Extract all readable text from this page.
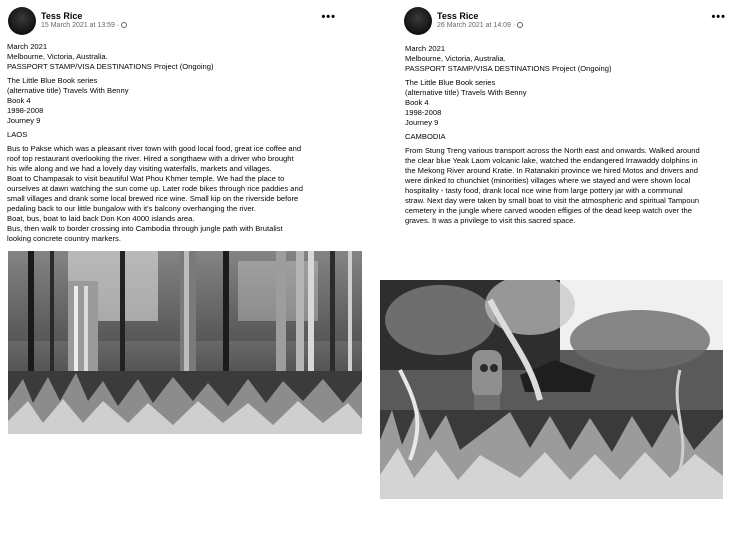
Tess Rice
15 March 2021 at 13:59 ·
•••

March 2021

Melbourne, Victoria, Australia.

PASSPORT STAMP/VISA DESTINATIONS Project (Ongoing)

The Little Blue Book series

(alternative title) Travels With Benny

Book 4

1998-2008

Journey 9

LAOS

Bus to Pakse which was a pleasant river town with good local food, great ice coffee and

roof top restaurant overlooking the river. Hired a songthaew with a driver who brought

his wife along and we had a lovely day visiting waterfalls, markets and villages.

Boat to Champasak to visit beautiful Wat Phou Khmer temple. We had the place to

ourselves at dawn watching the sun come up. Later rode bikes through rice paddies and

small villages and drank some local brewed rice wine. Small kip on the riverside before

pedaling back to our little bungalow with it's balcony overhanging the river.

Boat, bus, boat to laid back Don Kon 4000 islands area.

Bus, then walk to border crossing into Cambodia through jungle path with Brutalist

looking concrete country markers.

Tess Rice
26 March 2021 at 14:09 ·
•••

March 2021

Melbourne, Victoria, Australia.

PASSPORT STAMP/VISA DESTINATIONS Project (Ongoing)

The Little Blue Book series

(alternative title) Travels With Benny

Book 4

1998-2008

Journey 9

CAMBODIA

From Stung Treng various transport across the North east and onwards. Walked around

the clear blue Yeak Laom volcanic lake, watched the endangered Irrawaddy dolphins in

the Mekong River around Kratie. In Ratanakiri province we hired Motos and drivers and

were dinked to chunchiet (minorities) villages where we stayed and were shown local

hospitality - tasty food, drank local rice wine from large pottery jar with a communal

straw. Next day were taken by small boat to visit the atmospheric and spiritual Tampoun

cemetery in the jungle where carved wooden effigies of the dead keep watch over the

graves. It was a privilege to visit this sacred space.
